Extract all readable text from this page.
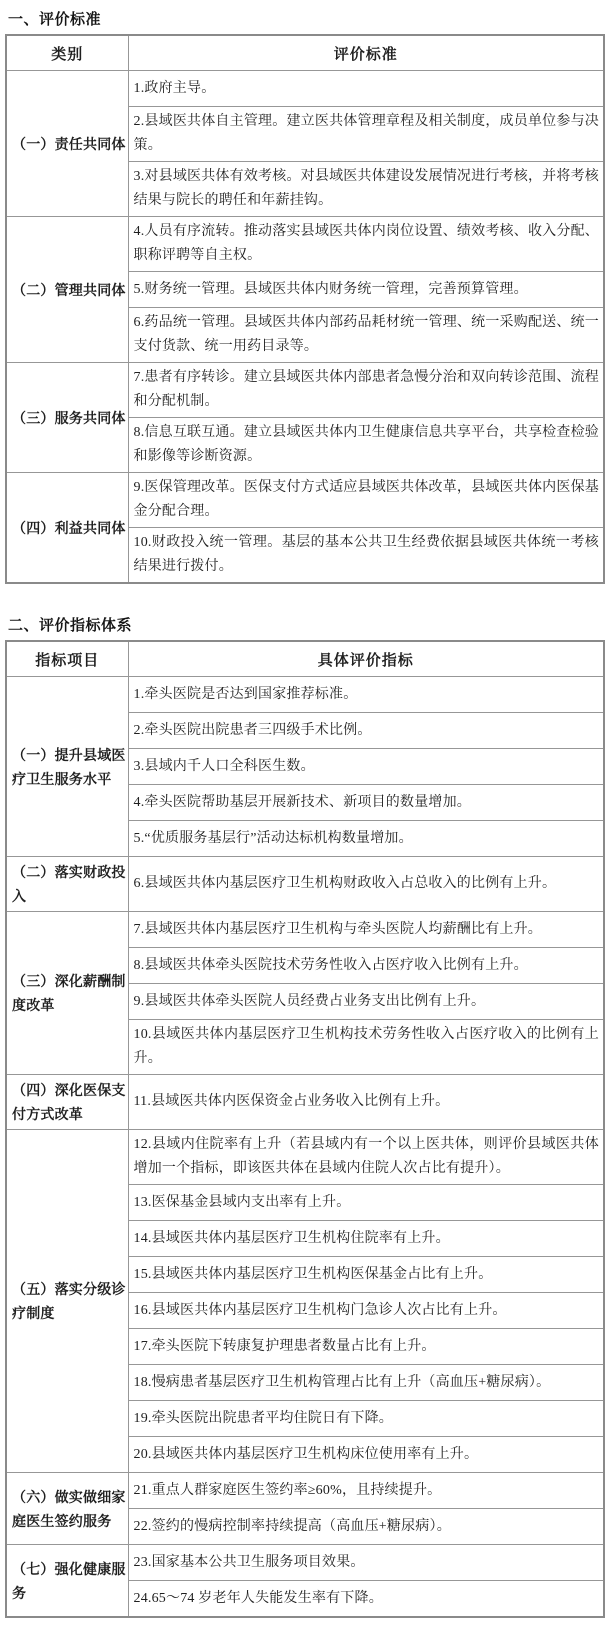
一、评价标准
类别	评价标准
（一）责任共同体	1.政府主导。
	2.县域医共体自主管理。建立医共体管理章程及相关制度，成员单位参与决策。
	3.对县域医共体有效考核。对县域医共体建设发展情况进行考核，并将考核结果与院长的聘任和年薪挂钩。
（二）管理共同体	4.人员有序流转。推动落实县域医共体内岗位设置、绩效考核、收入分配、职称评聘等自主权。
	5.财务统一管理。县域医共体内财务统一管理，完善预算管理。
	6.药品统一管理。县域医共体内部药品耗材统一管理、统一采购配送、统一支付货款、统一用药目录等。
（三）服务共同体	7.患者有序转诊。建立县域医共体内部患者急慢分治和双向转诊范围、流程和分配机制。
	8.信息互联互通。建立县域医共体内卫生健康信息共享平台，共享检查检验和影像等诊断资源。
（四）利益共同体	9.医保管理改革。医保支付方式适应县域医共体改革，县域医共体内医保基金分配合理。
	10.财政投入统一管理。基层的基本公共卫生经费依据县域医共体统一考核结果进行拨付。
二、评价指标体系
指标项目	具体评价指标
（一）提升县域医疗卫生服务水平	1.牵头医院是否达到国家推荐标准。
	2.牵头医院出院患者三四级手术比例。
	3.县域内千人口全科医生数。
	4.牵头医院帮助基层开展新技术、新项目的数量增加。
	5.“优质服务基层行”活动达标机构数量增加。
（二）落实财政投入	6.县域医共体内基层医疗卫生机构财政收入占总收入的比例有上升。
（三）深化薪酬制度改革	7.县域医共体内基层医疗卫生机构与牵头医院人均薪酬比有上升。
	8.县域医共体牵头医院技术劳务性收入占医疗收入比例有上升。
	9.县域医共体牵头医院人员经费占业务支出比例有上升。
	10.县域医共体内基层医疗卫生机构技术劳务性收入占医疗收入的比例有上升。
（四）深化医保支付方式改革	11.县域医共体内医保资金占业务收入比例有上升。
（五）落实分级诊疗制度	12.县域内住院率有上升（若县域内有一个以上医共体，则评价县域医共体增加一个指标，即该医共体在县域内住院人次占比有提升）。
	13.医保基金县域内支出率有上升。
	14.县域医共体内基层医疗卫生机构住院率有上升。
	15.县域医共体内基层医疗卫生机构医保基金占比有上升。
	16.县域医共体内基层医疗卫生机构门急诊人次占比有上升。
	17.牵头医院下转康复护理患者数量占比有上升。
	18.慢病患者基层医疗卫生机构管理占比有上升（高血压+糖尿病）。
	19.牵头医院出院患者平均住院日有下降。
	20.县域医共体内基层医疗卫生机构床位使用率有上升。
（六）做实做细家庭医生签约服务	21.重点人群家庭医生签约率≥60%，且持续提升。
	22.签约的慢病控制率持续提高（高血压+糖尿病）。
（七）强化健康服务	23.国家基本公共卫生服务项目效果。
	24.65～74 岁老年人失能发生率有下降。
